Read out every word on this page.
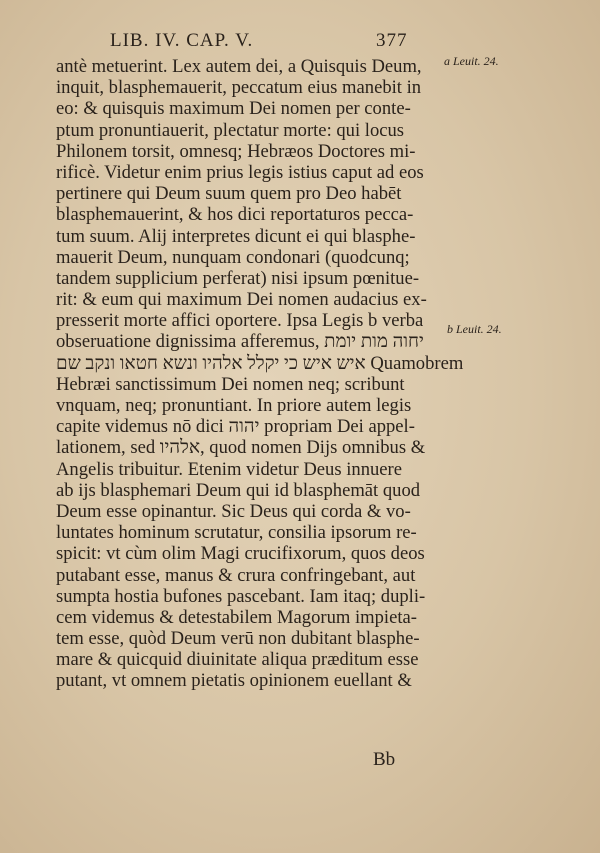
LIB. IV. CAP. V.	377
antè metuerint. Lex autem dei, a Quisquis Deum,
inquit, blasphemauerit, peccatum eius manebit in
eo: & quisquis maximum Dei nomen per conte-
ptum pronuntiauerit, plectatur morte: qui locus
Philonem torsit, omnesq; Hebræos Doctores mi-
rificè. Videtur enim prius legis istius caput ad eos
pertinere qui Deum suum quem pro Deo habēt
blasphemauerint, & hos dici reportaturos pecca-
tum suum. Alij interpretes dicunt ei qui blasphe-
mauerit Deum, nunquam condonari (quodcunq;
tandem supplicium perferat) nisi ipsum pœnitue-
rit: & eum qui maximum Dei nomen audacius ex-
presserit morte affici oportere. Ipsa Legis b verba
obseruatione dignissima afferemus, יחוה מות יומת
איש איש כי יקלל אלהיו ונשא חטאו ונקב שם Quamobrem
Hebræi sanctissimum Dei nomen neq; scribunt
vnquam, neq; pronuntiant. In priore autem legis
capite videmus nō dici יהוה propriam Dei appel-
lationem, sed אלהיו, quod nomen Dijs omnibus &
Angelis tribuitur. Etenim videtur Deus innuere
ab ijs blasphemari Deum qui id blasphemāt quod
Deum esse opinantur. Sic Deus qui corda & vo-
luntates hominum scrutatur, consilia ipsorum re-
spicit: vt cùm olim Magi crucifixorum, quos deos
putabant esse, manus & crura confringebant, aut
sumpta hostia bufones pascebant. Iam itaq; dupli-
cem videmus & detestabilem Magorum impieta-
tem esse, quòd Deum verū non dubitant blasphe-
mare & quicquid diuinitate aliqua præditum esse
putant, vt omnem pietatis opinionem euellant &
a Leuit. 24.
b Leuit. 24.
Bb
